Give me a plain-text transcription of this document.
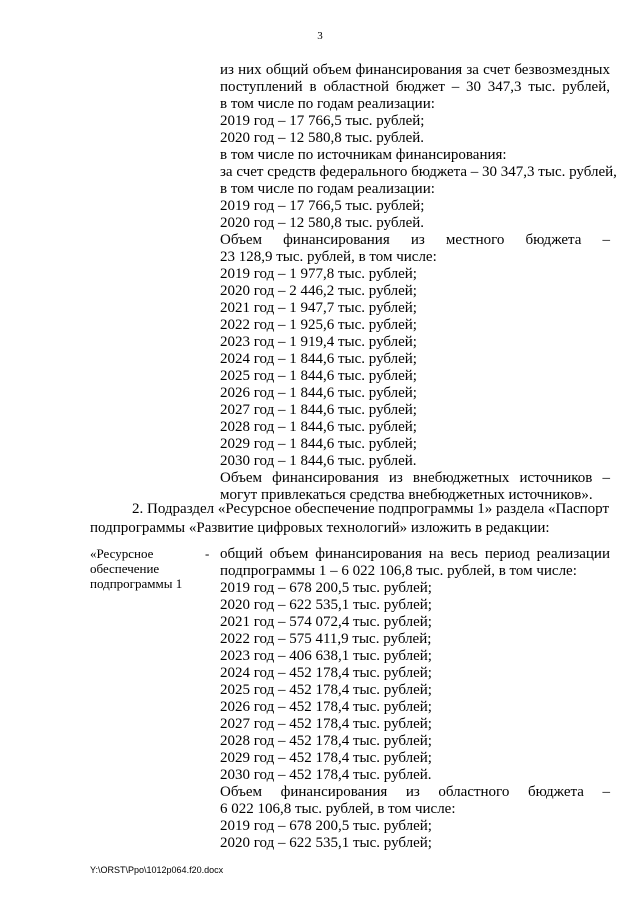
3
из них общий объем финансирования за счет безвозмездных
поступлений в областной бюджет – 30 347,3 тыс. рублей,
в том числе по годам реализации:
2019 год – 17 766,5 тыс. рублей;
2020 год – 12 580,8 тыс. рублей.
в том числе по источникам финансирования:
за счет средств федерального бюджета – 30 347,3 тыс. рублей,
в том числе по годам реализации:
2019 год – 17 766,5 тыс. рублей;
2020 год – 12 580,8 тыс. рублей.
Объем финансирования из местного бюджета –
23 128,9 тыс. рублей, в том числе:
2019 год – 1 977,8 тыс. рублей;
2020 год – 2 446,2 тыс. рублей;
2021 год – 1 947,7 тыс. рублей;
2022 год – 1 925,6 тыс. рублей;
2023 год – 1 919,4 тыс. рублей;
2024 год – 1 844,6 тыс. рублей;
2025 год – 1 844,6 тыс. рублей;
2026 год – 1 844,6 тыс. рублей;
2027 год – 1 844,6 тыс. рублей;
2028 год – 1 844,6 тыс. рублей;
2029 год – 1 844,6 тыс. рублей;
2030 год – 1 844,6 тыс. рублей.
Объем финансирования из внебюджетных источников –
могут привлекаться средства внебюджетных источников».
2. Подраздел «Ресурсное обеспечение подпрограммы 1» раздела «Паспорт
подпрограммы «Развитие цифровых технологий» изложить в редакции:
«Ресурсное
обеспечение
подпрограммы 1
- общий объем финансирования на весь период реализации
подпрограммы 1 – 6 022 106,8 тыс. рублей, в том числе:
2019 год – 678 200,5 тыс. рублей;
2020 год – 622 535,1 тыс. рублей;
2021 год – 574 072,4 тыс. рублей;
2022 год – 575 411,9 тыс. рублей;
2023 год – 406 638,1 тыс. рублей;
2024 год – 452 178,4 тыс. рублей;
2025 год – 452 178,4 тыс. рублей;
2026 год – 452 178,4 тыс. рублей;
2027 год – 452 178,4 тыс. рублей;
2028 год – 452 178,4 тыс. рублей;
2029 год – 452 178,4 тыс. рублей;
2030 год – 452 178,4 тыс. рублей.
Объем финансирования из областного бюджета –
6 022 106,8 тыс. рублей, в том числе:
2019 год – 678 200,5 тыс. рублей;
2020 год – 622 535,1 тыс. рублей;
Y:\ORST\Ppo\1012p064.f20.docx
